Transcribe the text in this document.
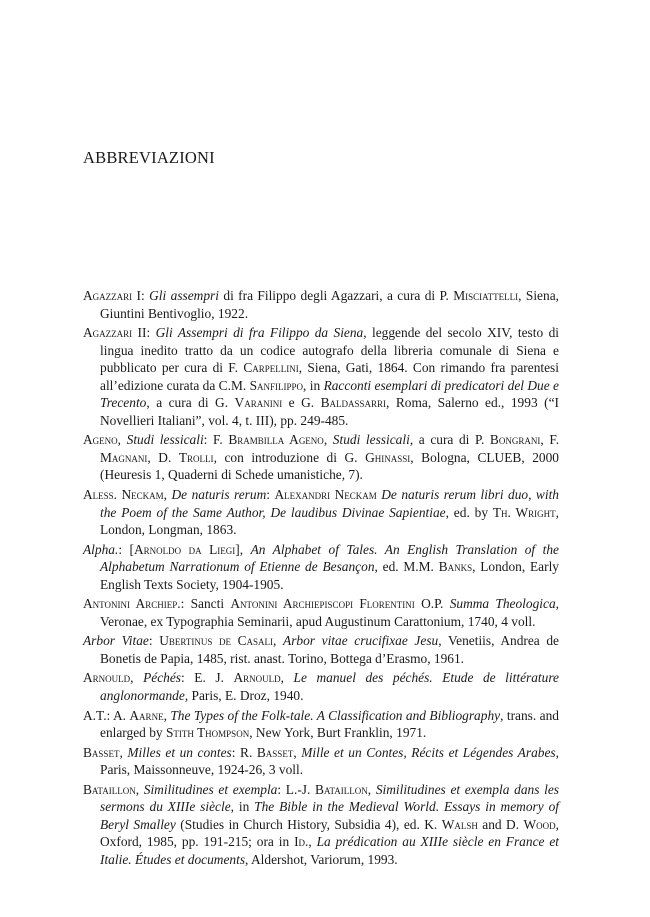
ABBREVIAZIONI
Agazzari I: Gli assempri di fra Filippo degli Agazzari, a cura di P. Misciattelli, Siena, Giuntini Bentivoglio, 1922.
Agazzari II: Gli Assempri di fra Filippo da Siena, leggende del secolo XIV, testo di lingua inedito tratto da un codice autografo della libreria comunale di Siena e pubblicato per cura di F. Carpellini, Siena, Gati, 1864. Con rimando fra parentesi all’edizione curata da C.M. Sanfilippo, in Racconti esemplari di predicatori del Due e Trecento, a cura di G. Varanini e G. Baldassarri, Roma, Salerno ed., 1993 (“I Novellieri Italiani”, vol. 4, t. III), pp. 249-485.
Ageno, Studi lessicali: F. Brambilla Ageno, Studi lessicali, a cura di P. Bongrani, F. Magnani, D. Trolli, con introduzione di G. Ghinassi, Bologna, CLUEB, 2000 (Heuresis 1, Quaderni di Schede umanistiche, 7).
Aless. Neckam, De naturis rerum: Alexandri Neckam De naturis rerum libri duo, with the Poem of the Same Author, De laudibus Divinae Sapientiae, ed. by Th. Wright, London, Longman, 1863.
Alpha.: [Arnoldo da Liegi], An Alphabet of Tales. An English Translation of the Alphabetum Narrationum of Etienne de Besançon, ed. M.M. Banks, London, Early English Texts Society, 1904-1905.
Antonini Archiep.: Sancti Antonini Archiepiscopi Florentini O.P. Summa Theologica, Veronae, ex Typographia Seminarii, apud Augustinum Carattonium, 1740, 4 voll.
Arbor Vitae: Ubertinus de Casali, Arbor vitae crucifixae Jesu, Venetiis, Andrea de Bonetis de Papia, 1485, rist. anast. Torino, Bottega d’Erasmo, 1961.
Arnould, Péchés: E. J. Arnould, Le manuel des péchés. Etude de littérature anglonormande, Paris, E. Droz, 1940.
A.T.: A. Aarne, The Types of the Folk-tale. A Classification and Bibliography, trans. and enlarged by Stith Thompson, New York, Burt Franklin, 1971.
Basset, Milles et un contes: R. Basset, Mille et un Contes, Récits et Légendes Arabes, Paris, Maissonneuve, 1924-26, 3 voll.
Bataillon, Similitudines et exempla: L.-J. Bataillon, Similitudines et exempla dans les sermons du XIIIe siècle, in The Bible in the Medieval World. Essays in memory of Beryl Smalley (Studies in Church History, Subsidia 4), ed. K. Walsh and D. Wood, Oxford, 1985, pp. 191-215; ora in Id., La prédication au XIIIe siècle en France et Italie. Études et documents, Aldershot, Variorum, 1993.
